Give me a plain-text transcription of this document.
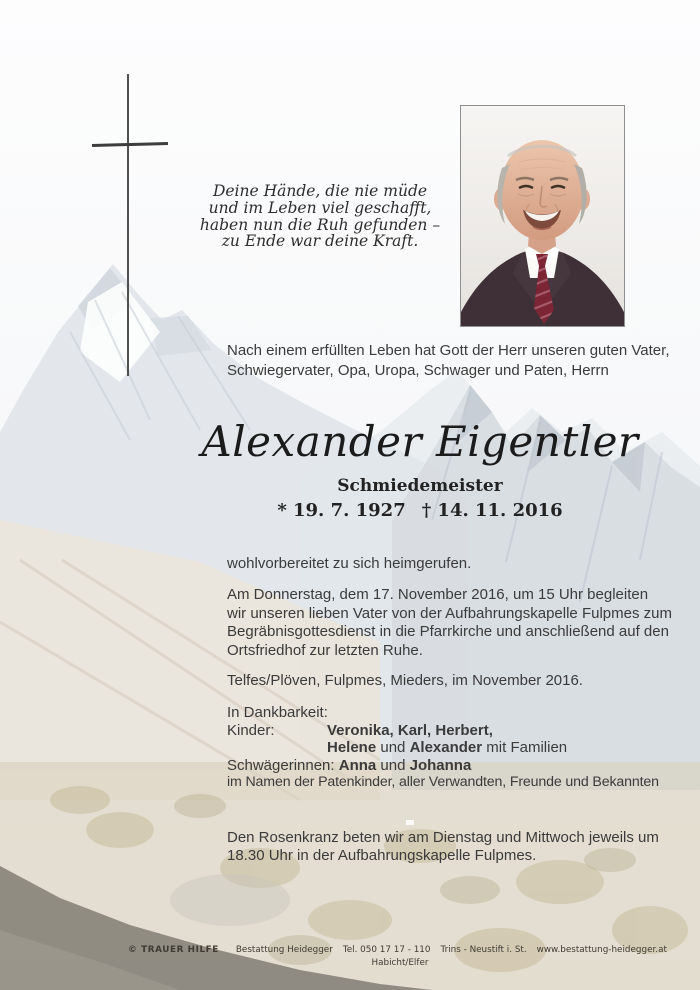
Deine Hände, die nie müde
und im Leben viel geschafft,
haben nun die Ruh gefunden –
zu Ende war deine Kraft.
Nach einem erfüllten Leben hat Gott der Herr unseren guten Vater,
Schwiegervater, Opa, Uropa, Schwager und Paten, Herrn
Alexander Eigentler
Schmiedemeister
* 19. 7. 1927 † 14. 11. 2016
wohlvorbereitet zu sich heimgerufen.
Am Donnerstag, dem 17. November 2016, um 15 Uhr begleiten
wir unseren lieben Vater von der Aufbahrungskapelle Fulpmes zum
Begräbnisgottesdienst in die Pfarrkirche und anschließend auf den
Ortsfriedhof zur letzten Ruhe.
Telfes/Plöven, Fulpmes, Mieders, im November 2016.
In Dankbarkeit:
Kinder:	Veronika, Karl, Herbert,
Helene und Alexander mit Familien
Schwägerinnen: Anna und Johanna
im Namen der Patenkinder, aller Verwandten, Freunde und Bekannten
Den Rosenkranz beten wir am Dienstag und Mittwoch jeweils um
18.30 Uhr in der Aufbahrungskapelle Fulpmes.
© TRAUER HILFE Bestattung Heidegger Tel. 050 17 17 - 110 Trins - Neustift i. St. www.bestattung-heidegger.at
Habicht/Elfer
